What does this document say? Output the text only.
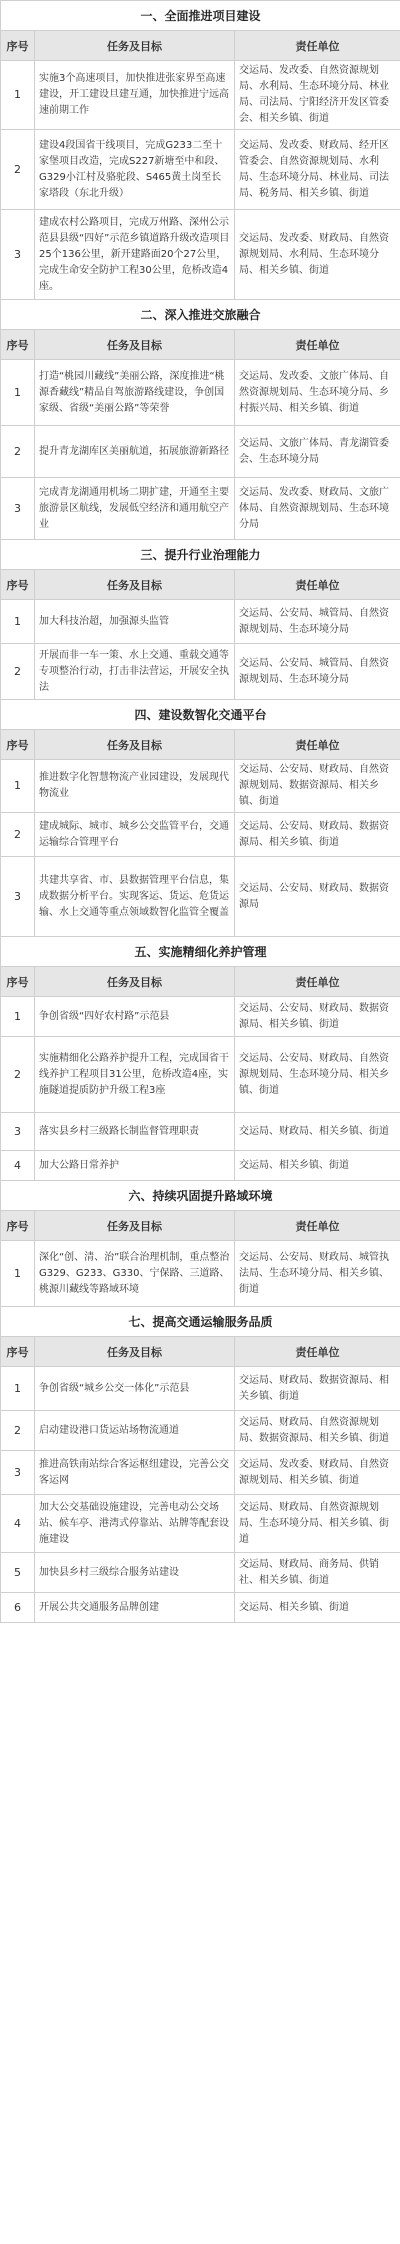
一、全面推进项目建设		
序号	任务及目标	责任单位
1	实施3个高速项目，加快推进张家界至高速建设，开工建设旦建互通，加快推进宁远高速前期工作	交运局、发改委、自然资源规划局、水利局、生态环境分局、林业局、司法局、宁阳经济开发区管委会、相关乡镇、街道
2	建设4段国省干线项目，完成G233二至十家堡项目改造，完成S227新塘至中和段、G329小江村及骆驼段、S465黄土岗至长家塔段（东北升级）	交运局、发改委、财政局、经开区管委会、自然资源规划局、水利局、生态环境分局、林业局、司法局、税务局、相关乡镇、街道
3	建成农村公路项目，完成万州路、深州公示范县县级“四好”示范乡镇道路升级改造项目25个136公里，新开建路面20个27公里，完成生命安全防护工程30公里，危桥改造4座。	交运局、发改委、财政局、自然资源规划局、水利局、生态环境分局、相关乡镇、街道
二、深入推进交旅融合		
序号	任务及目标	责任单位
1	打造“桃园川藏线”美丽公路，深度推进“桃源香藏线”精品自驾旅游路线建设，争创国家级、省级“美丽公路”等荣誉	交运局、发改委、文旅广体局、自然资源规划局、生态环境分局、乡村振兴局、相关乡镇、街道
2	提升青龙湖库区美丽航道，拓展旅游新路径	交运局、文旅广体局、青龙湖管委会、生态环境分局
3	完成青龙湖通用机场二期扩建，开通至主要旅游景区航线，发展低空经济和通用航空产业	交运局、发改委、财政局、文旅广体局、自然资源规划局、生态环境分局
三、提升行业治理能力		
序号	任务及目标	责任单位
1	加大科技治超，加强源头监管	交运局、公安局、城管局、自然资源规划局、生态环境分局
2	开展而非一车一策、水上交通、重载交通等专项整治行动，打击非法营运，开展安全执法	交运局、公安局、城管局、自然资源规划局、生态环境分局
四、建设数智化交通平台		
序号	任务及目标	责任单位
1	推进数字化智慧物流产业园建设，发展现代物流业	交运局、公安局、财政局、自然资源规划局、数据资源局、相关乡镇、街道
2	建成城际、城市、城乡公交监管平台，交通运输综合管理平台	交运局、公安局、财政局、数据资源局、相关乡镇、街道
3	共建共享省、市、县数据管理平台信息，集成数据分析平台。实现客运、货运、危货运输、水上交通等重点领域数智化监管全覆盖	交运局、公安局、财政局、数据资源局
五、实施精细化养护管理		
序号	任务及目标	责任单位
1	争创省级“四好农村路”示范县	交运局、公安局、财政局、数据资源局、相关乡镇、街道
2	实施精细化公路养护提升工程，完成国省干线养护工程项目31公里，危桥改造4座，实施隧道提质防护升级工程3座	交运局、公安局、财政局、自然资源规划局、生态环境分局、相关乡镇、街道
3	落实县乡村三级路长制监督管理职责	交运局、财政局、相关乡镇、街道
4	加大公路日常养护	交运局、相关乡镇、街道
六、持续巩固提升路域环境		
序号	任务及目标	责任单位
1	深化“创、清、治”联合治理机制，重点整治G329、G233、G330、宁保路、三道路、桃源川藏线等路域环境	交运局、公安局、财政局、城管执法局、生态环境分局、相关乡镇、街道
七、提高交通运输服务品质		
序号	任务及目标	责任单位
1	争创省级“城乡公交一体化”示范县	交运局、财政局、数据资源局、相关乡镇、街道
2	启动建设港口货运站场物流通道	交运局、财政局、自然资源规划局、数据资源局、相关乡镇、街道
3	推进高铁南站综合客运枢纽建设，完善公交客运网	交运局、发改委、财政局、自然资源规划局、相关乡镇、街道
4	加大公交基础设施建设，完善电动公交场站、候车亭、港湾式停靠站、站牌等配套设施建设	交运局、财政局、自然资源规划局、生态环境分局、相关乡镇、街道
5	加快县乡村三级综合服务站建设	交运局、财政局、商务局、供销社、相关乡镇、街道
6	开展公共交通服务品牌创建	交运局、相关乡镇、街道
